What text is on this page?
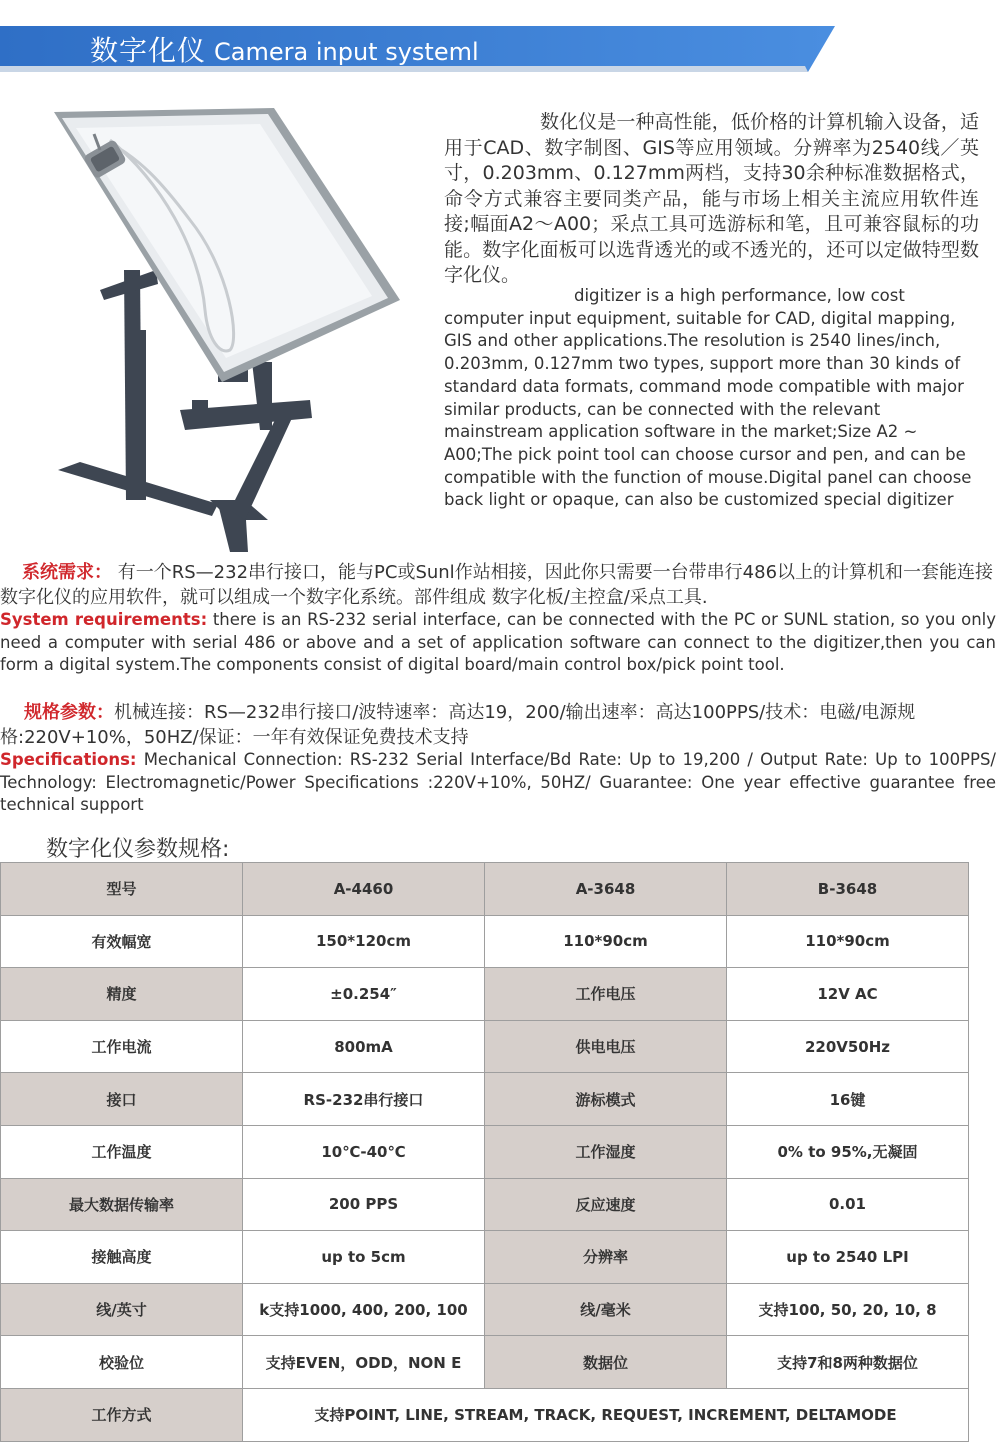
数字化仪 Camera input systeml

数化仪是一种高性能，低价格的计算机输入设备，适用于CAD、数字制图、GIS等应用领域。分辨率为2540线／英寸，0.203mm、0.127mm两档，支持30余种标准数据格式，命令方式兼容主要同类产品，能与市场上相关主流应用软件连接;幅面A2～A00；采点工具可选游标和笔，且可兼容鼠标的功能。数字化面板可以选背透光的或不透光的，还可以定做特型数字化仪。

digitizer is a high performance, low cost computer input equipment, suitable for CAD, digital mapping, GIS and other applications.The resolution is 2540 lines/inch, 0.203mm, 0.127mm two types, support more than 30 kinds of standard data formats, command mode compatible with major similar products, can be connected with the relevant mainstream application software in the market;Size A2 ~ A00;The pick point tool can choose cursor and pen, and can be compatible with the function of mouse.Digital panel can choose back light or opaque, can also be customized special digitizer

系统需求： 有一个RS—232串行接口，能与PC或Sunl作站相接，因此你只需要一台带串行486以上的计算机和一套能连接数字化仪的应用软件，就可以组成一个数字化系统。部件组成 数字化板/主控盒/采点工具.

System requirements: there is an RS-232 serial interface, can be connected with the PC or SUNL station, so you only need a computer with serial 486 or above and a set of application software can connect to the digitizer,then you can form a digital system.The components consist of digital board/main control box/pick point tool.

规格参数：机械连接：RS—232串行接口/波特速率：高达19，200/输出速率：高达100PPS/技术：电磁/电源规格:220V+10%，50HZ/保证：一年有效保证免费技术支持

Specifications: Mechanical Connection: RS-232 Serial Interface/Bd Rate: Up to 19,200 / Output Rate: Up to 100PPS/ Technology: Electromagnetic/Power Specifications :220V+10%, 50HZ/ Guarantee: One year effective guarantee free technical support

数字化仪参数规格:

型号	A-4460	A-3648	B-3648
有效幅宽	150*120cm	110*90cm	110*90cm
精度	±0.254″	工作电压	12V AC
工作电流	800mA	供电电压	220V50Hz
接口	RS-232串行接口	游标模式	16键
工作温度	10℃-40℃	工作湿度	0% to 95%,无凝固
最大数据传输率	200 PPS	反应速度	0.01
接触高度	up to 5cm	分辨率	up to 2540 LPI
线/英寸	k支持1000, 400, 200, 100	线/毫米	支持100, 50, 20, 10, 8
校验位	支持EVEN，ODD，NON E	数据位	支持7和8两种数据位
工作方式	支持POINT, LINE, STREAM, TRACK, REQUEST, INCREMENT, DELTAMODE		
